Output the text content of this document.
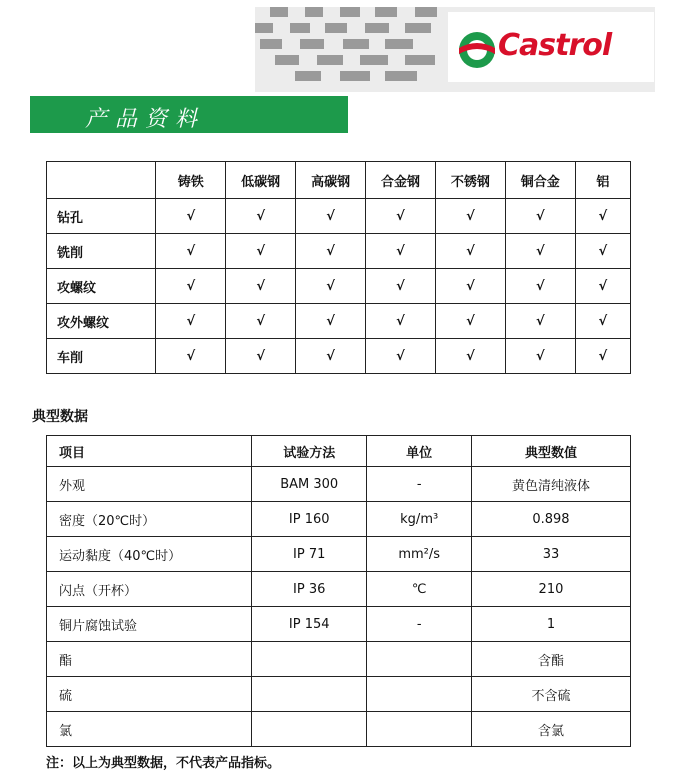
Castrol
产品资料
	铸铁	低碳钢	高碳钢	合金钢	不锈钢	铜合金	铝
钻孔	√	√	√	√	√	√	√
铣削	√	√	√	√	√	√	√
攻螺纹	√	√	√	√	√	√	√
攻外螺纹	√	√	√	√	√	√	√
车削	√	√	√	√	√	√	√
典型数据
项目	试验方法	单位	典型数值
外观	BAM 300	-	黄色清纯液体
密度（20℃时）	IP 160	kg/m³	0.898
运动黏度（40℃时）	IP 71	mm²/s	33
闪点（开杯）	IP 36	℃	210
铜片腐蚀试验	IP 154	-	1
酯			含酯
硫			不含硫
氯			含氯
注：以上为典型数据，不代表产品指标。
